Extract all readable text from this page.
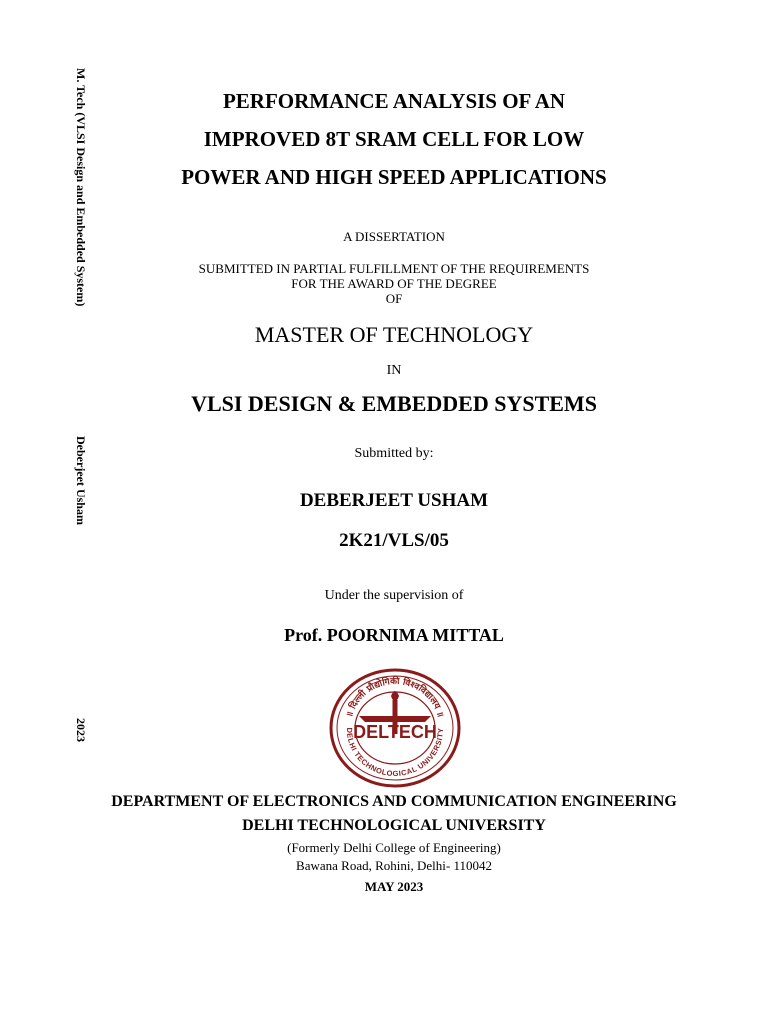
M. Tech (VLSI Design and Embedded System)
Deberjeet Usham
2023
PERFORMANCE ANALYSIS OF AN
IMPROVED 8T SRAM CELL FOR LOW
POWER AND HIGH SPEED APPLICATIONS
A DISSERTATION
SUBMITTED IN PARTIAL FULFILLMENT OF THE REQUIREMENTS
FOR THE AWARD OF THE DEGREE
OF
MASTER OF TECHNOLOGY
IN
VLSI DESIGN & EMBEDDED SYSTEMS
Submitted by:
DEBERJEET USHAM
2K21/VLS/05
Under the supervision of
Prof. POORNIMA MITTAL
॥ दिल्ली प्रौद्योगिकी विश्वविद्यालय ॥
DELHI TECHNOLOGICAL UNIVERSITY
DELTECH
DEPARTMENT OF ELECTRONICS AND COMMUNICATION ENGINEERING
DELHI TECHNOLOGICAL UNIVERSITY
(Formerly Delhi College of Engineering)
Bawana Road, Rohini, Delhi- 110042
MAY 2023
